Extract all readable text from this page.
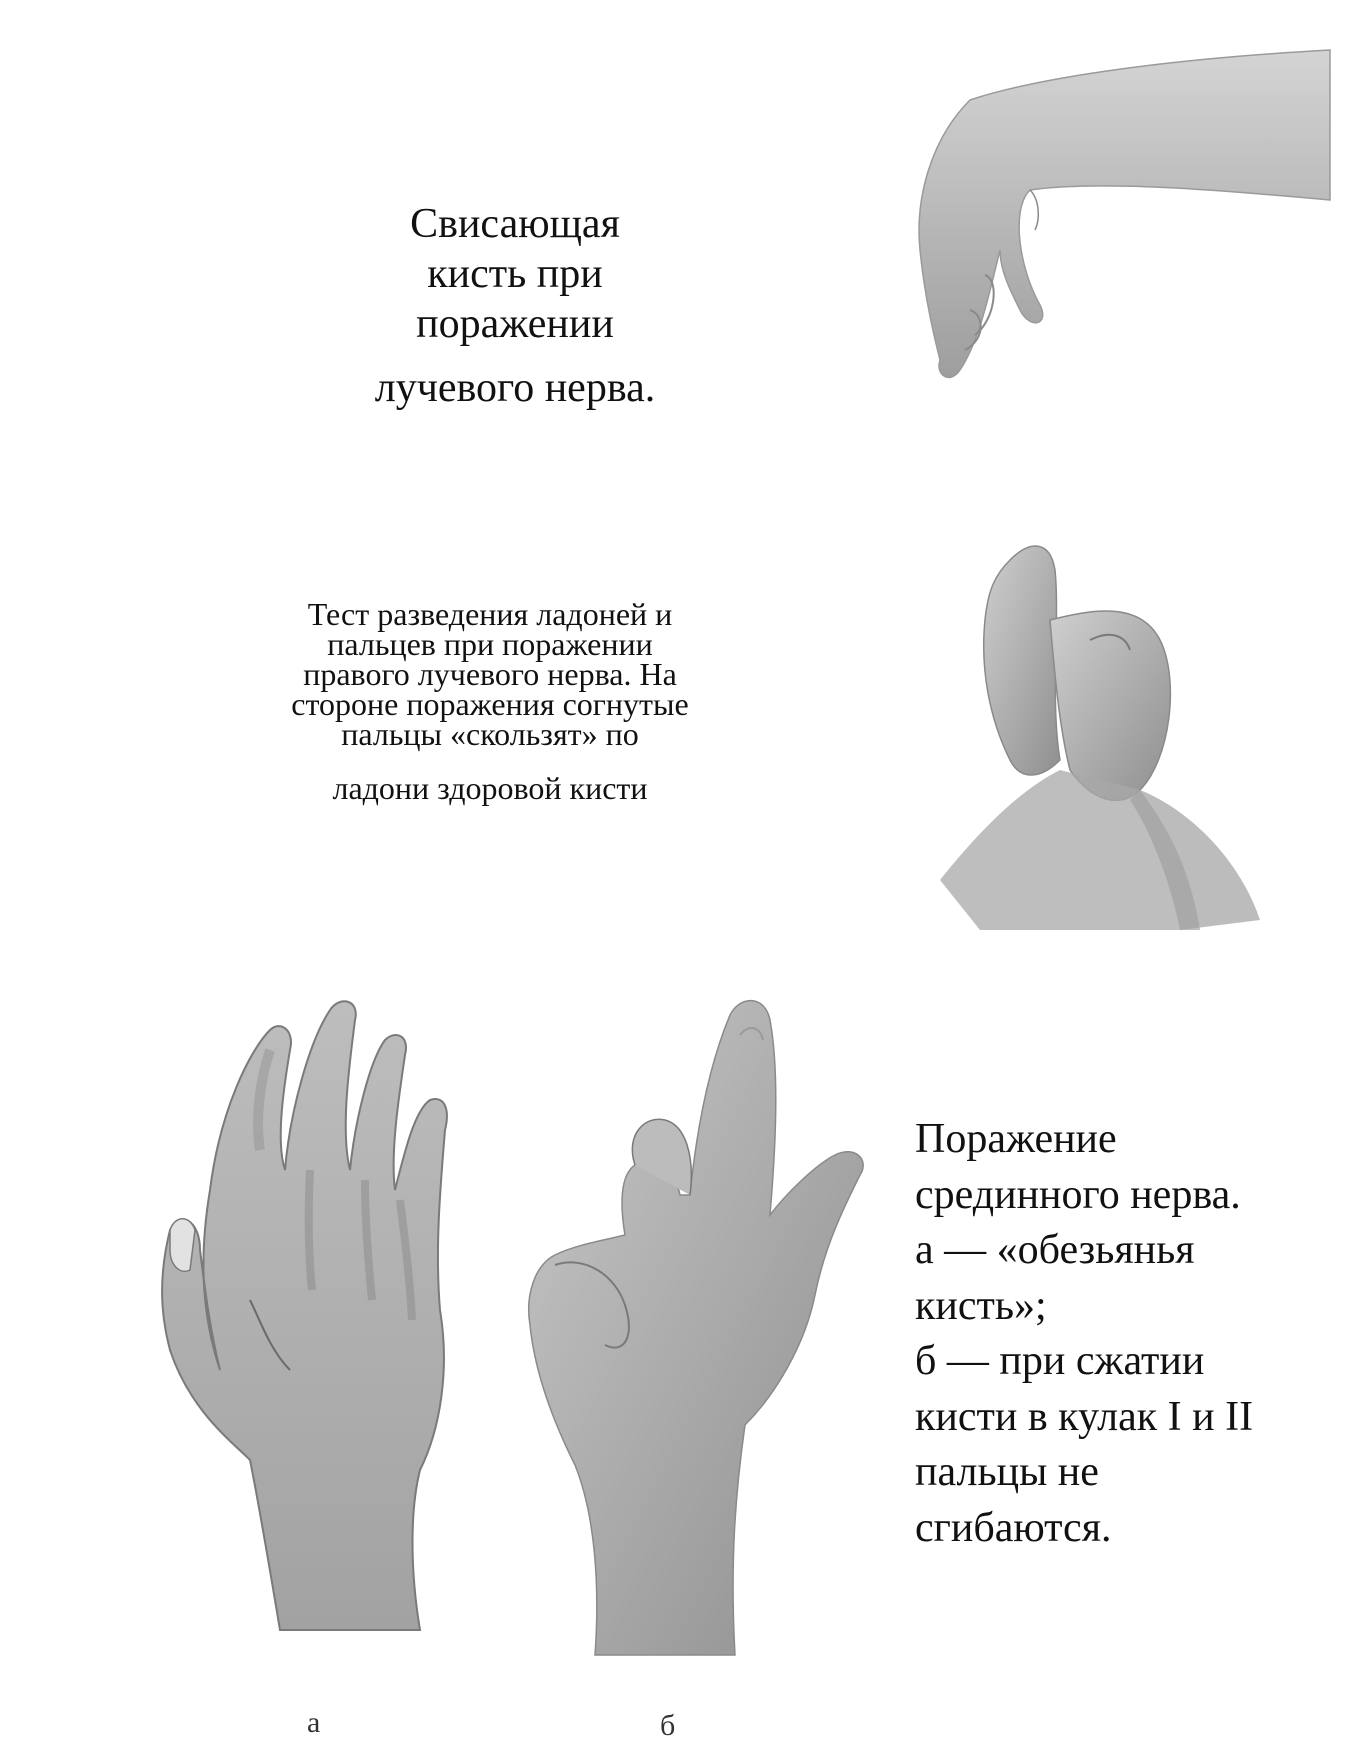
Свисающая
кисть при
поражении
лучевого нерва.
Тест разведения ладоней и
пальцев при поражении
правого лучевого нерва. На
стороне поражения согнутые
пальцы «скользят» по
ладони здоровой кисти
а	б
Поражение
срединного нерва.
а — «обезьянья
кисть»;
б — при сжатии
кисти в кулак I и II
пальцы не
сгибаются.
